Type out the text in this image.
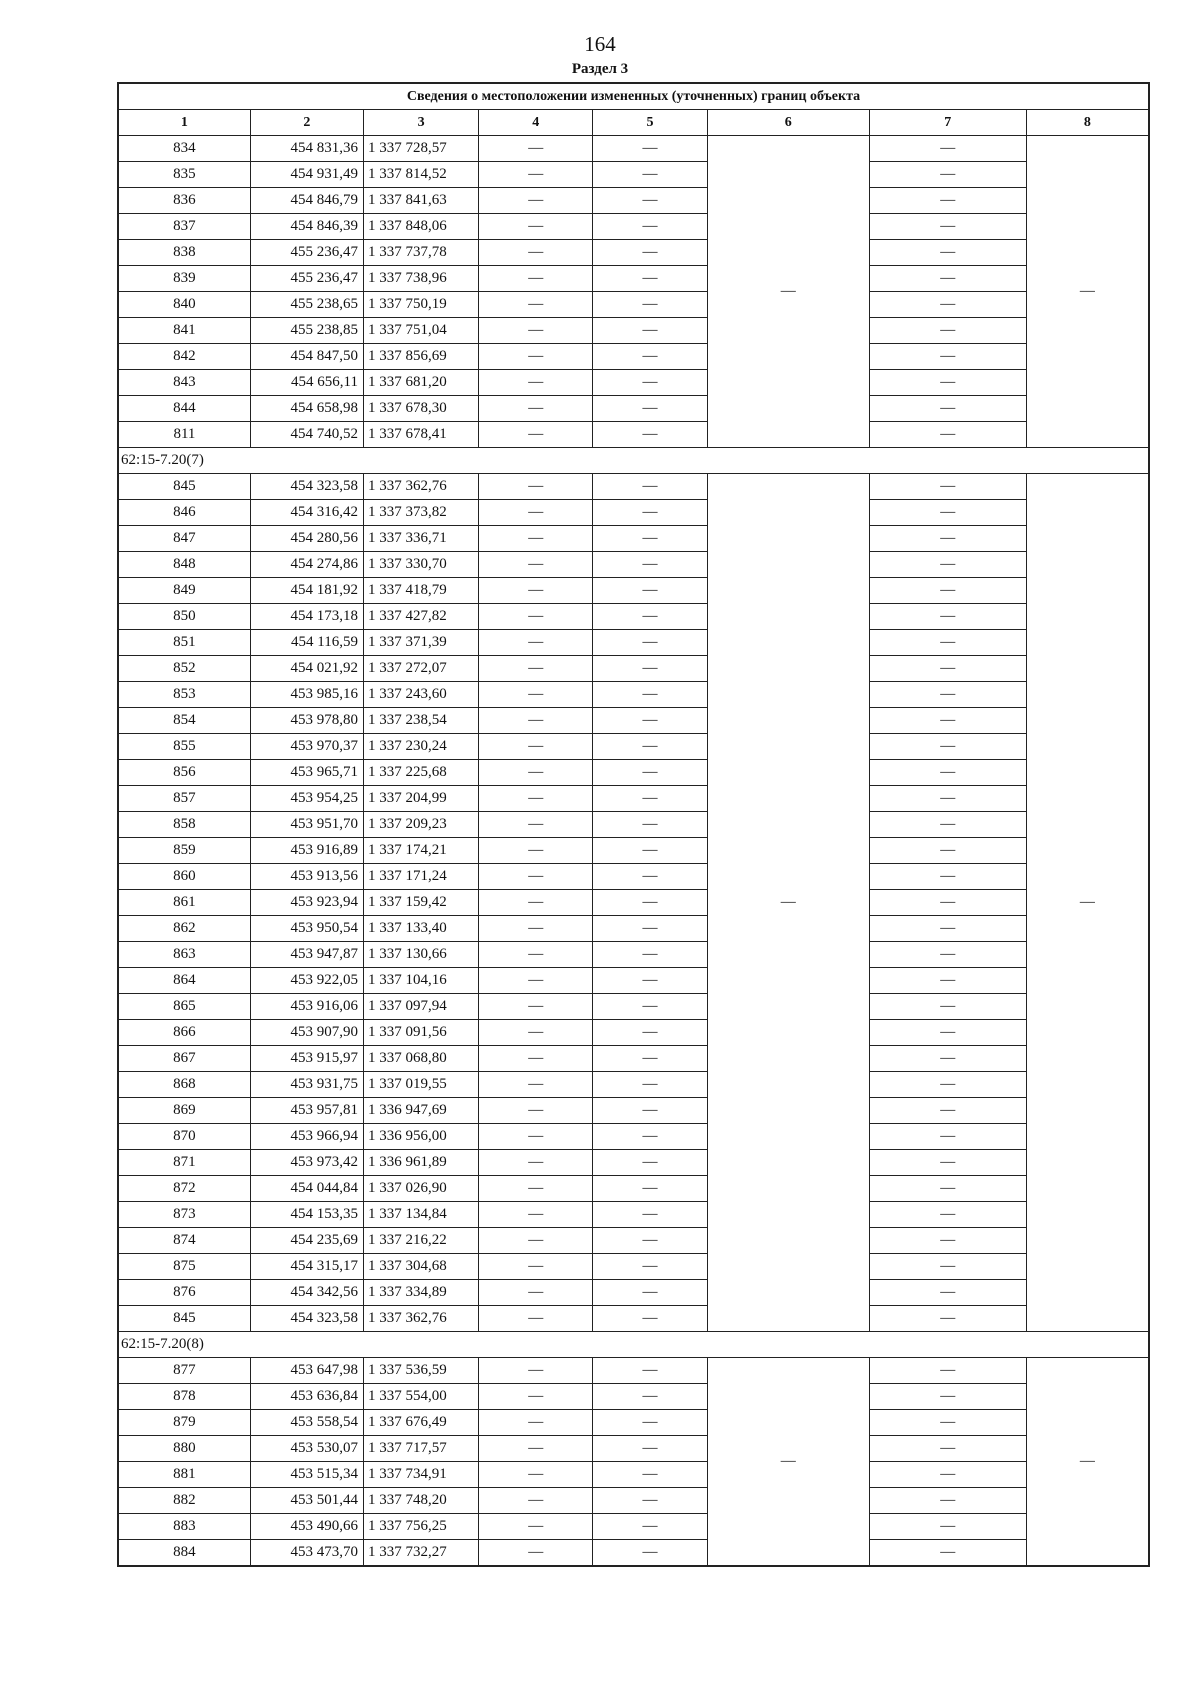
164
Раздел 3
Сведения о местоположении измененных (уточненных) границ объекта							
1	2	3	4	5	6	7	8
834	454 831,36	1 337 728,57	—	—	—	—	—
835	454 931,49	1 337 814,52	—	—		—	
836	454 846,79	1 337 841,63	—	—		—	
837	454 846,39	1 337 848,06	—	—		—	
838	455 236,47	1 337 737,78	—	—		—	
839	455 236,47	1 337 738,96	—	—		—	
840	455 238,65	1 337 750,19	—	—		—	
841	455 238,85	1 337 751,04	—	—		—	
842	454 847,50	1 337 856,69	—	—		—	
843	454 656,11	1 337 681,20	—	—		—	
844	454 658,98	1 337 678,30	—	—		—	
811	454 740,52	1 337 678,41	—	—		—	
62:15-7.20(7)							
845	454 323,58	1 337 362,76	—	—	—	—	—
846	454 316,42	1 337 373,82	—	—		—	
847	454 280,56	1 337 336,71	—	—		—	
848	454 274,86	1 337 330,70	—	—		—	
849	454 181,92	1 337 418,79	—	—		—	
850	454 173,18	1 337 427,82	—	—		—	
851	454 116,59	1 337 371,39	—	—		—	
852	454 021,92	1 337 272,07	—	—		—	
853	453 985,16	1 337 243,60	—	—		—	
854	453 978,80	1 337 238,54	—	—		—	
855	453 970,37	1 337 230,24	—	—		—	
856	453 965,71	1 337 225,68	—	—		—	
857	453 954,25	1 337 204,99	—	—		—	
858	453 951,70	1 337 209,23	—	—		—	
859	453 916,89	1 337 174,21	—	—		—	
860	453 913,56	1 337 171,24	—	—		—	
861	453 923,94	1 337 159,42	—	—		—	
862	453 950,54	1 337 133,40	—	—		—	
863	453 947,87	1 337 130,66	—	—		—	
864	453 922,05	1 337 104,16	—	—		—	
865	453 916,06	1 337 097,94	—	—		—	
866	453 907,90	1 337 091,56	—	—		—	
867	453 915,97	1 337 068,80	—	—		—	
868	453 931,75	1 337 019,55	—	—		—	
869	453 957,81	1 336 947,69	—	—		—	
870	453 966,94	1 336 956,00	—	—		—	
871	453 973,42	1 336 961,89	—	—		—	
872	454 044,84	1 337 026,90	—	—		—	
873	454 153,35	1 337 134,84	—	—		—	
874	454 235,69	1 337 216,22	—	—		—	
875	454 315,17	1 337 304,68	—	—		—	
876	454 342,56	1 337 334,89	—	—		—	
845	454 323,58	1 337 362,76	—	—		—	
62:15-7.20(8)							
877	453 647,98	1 337 536,59	—	—	—	—	—
878	453 636,84	1 337 554,00	—	—		—	
879	453 558,54	1 337 676,49	—	—		—	
880	453 530,07	1 337 717,57	—	—		—	
881	453 515,34	1 337 734,91	—	—		—	
882	453 501,44	1 337 748,20	—	—		—	
883	453 490,66	1 337 756,25	—	—		—	
884	453 473,70	1 337 732,27	—	—		—	
